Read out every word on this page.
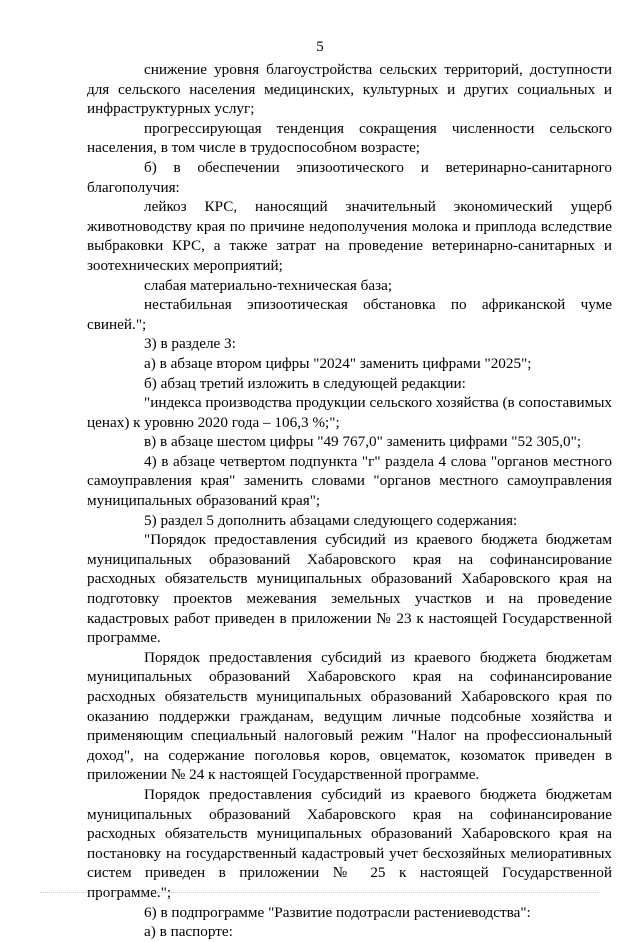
5

снижение уровня благоустройства сельских территорий, доступности для сельского населения медицинских, культурных и других социальных и инфраструктурных услуг;

прогрессирующая тенденция сокращения численности сельского населения, в том числе в трудоспособном возрасте;

б) в обеспечении эпизоотического и ветеринарно-санитарного благополучия:

лейкоз КРС, наносящий значительный экономический ущерб животноводству края по причине недополучения молока и приплода вследствие выбраковки КРС, а также затрат на проведение ветеринарно-санитарных и зоотехнических мероприятий;

слабая материально-техническая база;

нестабильная эпизоотическая обстановка по африканской чуме свиней.";

3) в разделе 3:

а) в абзаце втором цифры "2024" заменить цифрами "2025";

б) абзац третий изложить в следующей редакции:

"индекса производства продукции сельского хозяйства (в сопоставимых ценах) к уровню 2020 года – 106,3 %;";

в) в абзаце шестом цифры "49 767,0" заменить цифрами "52 305,0";

4) в абзаце четвертом подпункта "г" раздела 4 слова "органов местного самоуправления края" заменить словами "органов местного самоуправления муниципальных образований края";

5) раздел 5 дополнить абзацами следующего содержания:

"Порядок предоставления субсидий из краевого бюджета бюджетам муниципальных образований Хабаровского края на софинансирование расходных обязательств муниципальных образований Хабаровского края на подготовку проектов межевания земельных участков и на проведение кадастровых работ приведен в приложении № 23 к настоящей Государственной программе.

Порядок предоставления субсидий из краевого бюджета бюджетам муниципальных образований Хабаровского края на софинансирование расходных обязательств муниципальных образований Хабаровского края по оказанию поддержки гражданам, ведущим личные подсобные хозяйства и применяющим специальный налоговый режим "Налог на профессиональный доход", на содержание поголовья коров, овцематок, козоматок приведен в приложении № 24 к настоящей Государственной программе.

Порядок предоставления субсидий из краевого бюджета бюджетам муниципальных образований Хабаровского края на софинансирование расходных обязательств муниципальных образований Хабаровского края на постановку на государственный кадастровый учет бесхозяйных мелиоративных систем приведен в приложении № 25 к настоящей Государственной программе.";

6) в подпрограмме "Развитие подотрасли растениеводства":

а) в паспорте:
